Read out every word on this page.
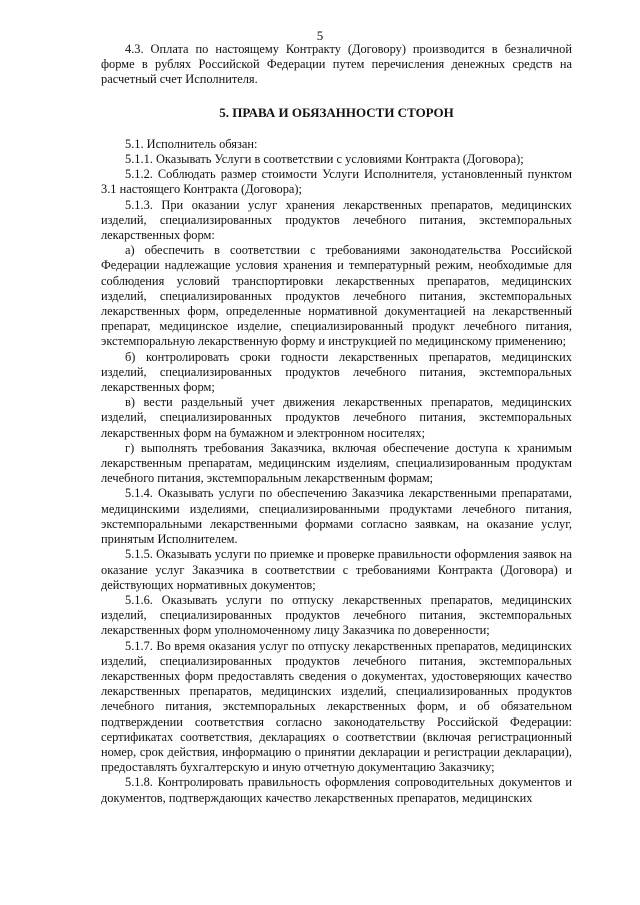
5

4.3. Оплата по настоящему Контракту (Договору) производится в безналичной форме в рублях Российской Федерации путем перечисления денежных средств на расчетный счет Исполнителя.

5. ПРАВА И ОБЯЗАННОСТИ СТОРОН

5.1. Исполнитель обязан:

5.1.1. Оказывать Услуги в соответствии с условиями Контракта (Договора);

5.1.2. Соблюдать размер стоимости Услуги Исполнителя, установленный пунктом 3.1 настоящего Контракта (Договора);

5.1.3. При оказании услуг хранения лекарственных препаратов, медицинских изделий, специализированных продуктов лечебного питания, экстемпоральных лекарственных форм:

а) обеспечить в соответствии с требованиями законодательства Российской Федерации надлежащие условия хранения и температурный режим, необходимые для соблюдения условий транспортировки лекарственных препаратов, медицинских изделий, специализированных продуктов лечебного питания, экстемпоральных лекарственных форм, определенные нормативной документацией на лекарственный препарат, медицинское изделие, специализированный продукт лечебного питания, экстемпоральную лекарственную форму и инструкцией по медицинскому применению;

б) контролировать сроки годности лекарственных препаратов, медицинских изделий, специализированных продуктов лечебного питания, экстемпоральных лекарственных форм;

в) вести раздельный учет движения лекарственных препаратов, медицинских изделий, специализированных продуктов лечебного питания, экстемпоральных лекарственных форм на бумажном и электронном носителях;

г) выполнять требования Заказчика, включая обеспечение доступа к хранимым лекарственным препаратам, медицинским изделиям, специализированным продуктам лечебного питания, экстемпоральным лекарственным формам;

5.1.4. Оказывать услуги по обеспечению Заказчика лекарственными препаратами, медицинскими изделиями, специализированными продуктами лечебного питания, экстемпоральными лекарственными формами согласно заявкам, на оказание услуг, принятым Исполнителем.

5.1.5. Оказывать услуги по приемке и проверке правильности оформления заявок на оказание услуг Заказчика в соответствии с требованиями Контракта (Договора) и действующих нормативных документов;

5.1.6. Оказывать услуги по отпуску лекарственных препаратов, медицинских изделий, специализированных продуктов лечебного питания, экстемпоральных лекарственных форм уполномоченному лицу Заказчика по доверенности;

5.1.7. Во время оказания услуг по отпуску лекарственных препаратов, медицинских изделий, специализированных продуктов лечебного питания, экстемпоральных лекарственных форм предоставлять сведения о документах, удостоверяющих качество лекарственных препаратов, медицинских изделий, специализированных продуктов лечебного питания, экстемпоральных лекарственных форм, и об обязательном подтверждении соответствия согласно законодательству Российской Федерации: сертификатах соответствия, декларациях о соответствии (включая регистрационный номер, срок действия, информацию о принятии декларации и регистрации декларации), предоставлять бухгалтерскую и иную отчетную документацию Заказчику;

5.1.8. Контролировать правильность оформления сопроводительных документов и документов, подтверждающих качество лекарственных препаратов, медицинских
